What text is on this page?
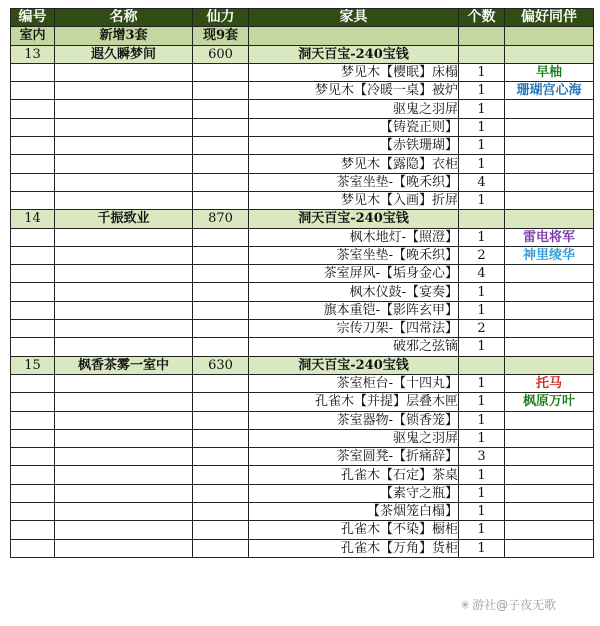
编号	名称	仙力	家具	个数	偏好同伴
室内	新增3套	现9套			
13	遐久瞬梦间	600	洞天百宝-240宝钱		
			梦见木【樱眠】床榻	1	早柚
			梦见木【冷暖一桌】被炉	1	珊瑚宫心海
			驱鬼之羽屏	1	
			【铸瓷正则】	1	
			【赤铁珊瑚】	1	
			梦见木【露隐】衣柜	1	
			茶室坐垫-【晚禾织】	4	
			梦见木【入画】折屏	1	
14	千振致业	870	洞天百宝-240宝钱		
			枫木地灯-【照澄】	1	雷电将军
			茶室坐垫-【晚禾织】	2	神里绫华
			茶室屏风-【垢身金心】	4	
			枫木仪鼓-【宴奏】	1	
			旗本重铠-【影阵玄甲】	1	
			宗传刀架-【四常法】	2	
			破邪之弦镝	1	
15	枫香茶雾一室中	630	洞天百宝-240宝钱		
			茶室柜台-【十四丸】	1	托马
			孔雀木【并提】层叠木匣	1	枫原万叶
			茶室器物-【锁香笼】	1	
			驱鬼之羽屏	1	
			茶室圆凳-【折痛辞】	3	
			孔雀木【石定】茶桌	1	
			【素守之瓶】	1	
			【茶烟笼白榻】	1	
			孔雀木【不染】橱柜	1	
			孔雀木【万角】货柜	1	
✳ 游社@子夜无歌
